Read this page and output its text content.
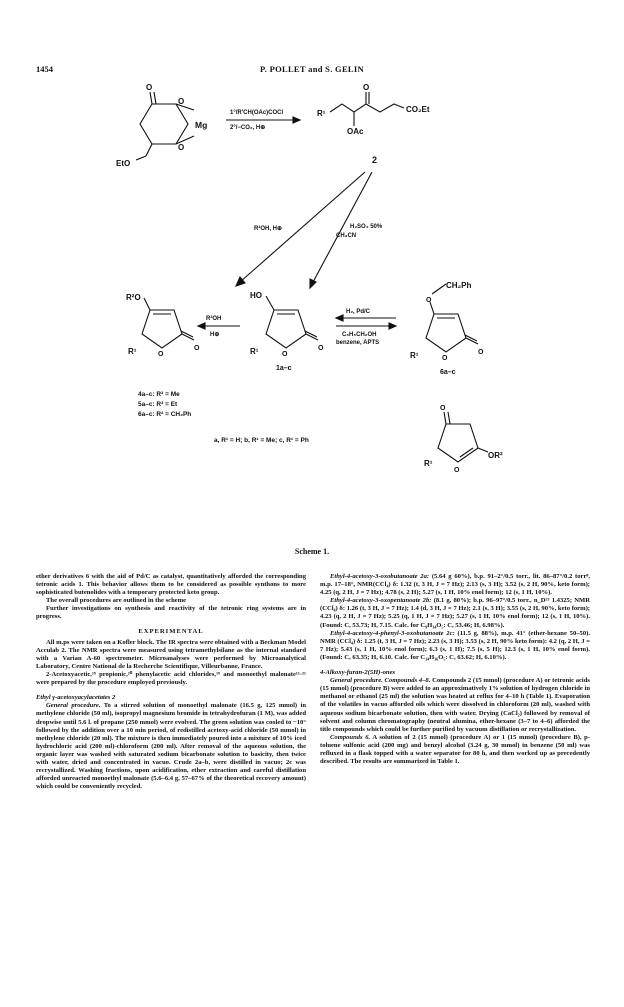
1454	P. POLLET and S. GELIN
O
O
O
Mg
EtO
1°/R'CH(OAc)COCl
2°/−CO₂, H⊕
R¹
O
CO₂Et
OAc
2
R²OH, H⊕	H₂SO₄ 50%
CH₃CN
HO
R¹	O
O
1a–c
R²O
R¹	O
O
R²OH
H⊕
H₂, Pd/C
C₆H₅CH₂OH
benzene, APTS
O
CH₂Ph
R¹	O
O
6a–c
4a–c: R² = Me
5a–c: R² = Et
6a–c: R² = CH₂Ph
a, R¹ = H; b, R¹ = Me; c, R¹ = Ph
O
R¹
O
OR²
Scheme 1.

ether derivatives 6 with the aid of Pd/C as catalyst, quantitatively afforded the corresponding tetronic acids 1. This behavior allows them to be considered as possible synthons to more sophisticated butenolides with a temporary protected keto group.

The overall procedures are outlined in the scheme

Further investigations on synthesis and reactivity of the tetronic ring systems are in progress.

EXPERIMENTAL

All m.ps were taken on a Kofler block. The IR spectra were obtained with a Beckman Model Acculab 2. The NMR spectra were measured using tetramethylsilane as the internal standard with a Varian A-60 spectrometer. Microanalyses were performed by Microanalytical Laboratory, Centre National de la Recherche Scientifique, Villeurbanne, France.

2-Acetoxyacetic,¹⁹ propionic,²⁰ phenylacetic acid chlorides,¹⁹ and monoethyl malonate¹¹·²¹ were prepared by the procedure employed previously.

Ethyl γ-acetoxyacylacetates 2

General procedure. To a stirred solution of monoethyl malonate (16.5 g, 125 mmol) in methylene chloride (50 ml), isopropyl magnesium bromide in tetrahydrofuran (1 M), was added dropwise until 5.6 l. of propane (250 mmol) were evolved. The green solution was cooled to −10° followed by the addition over a 10 min period, of redistilled acetoxy-acid chloride (50 mmol) in methylene chloride (20 ml). The mixture is then immediately poured into a mixture of 10% iced hydrochloric acid (200 ml)-chloroform (200 ml). After removal of the aqueous solution, the organic layer was washed with saturated sodium bicarbonate solution to basicity, then twice with water, dried and concentrated in vacuo. Crude 2a–b, were distilled in vacuo; 2c was recrystallized. Washing fractions, upon acidification, ether extraction and careful distillation afforded unreacted monoethyl malonate (5.6–6.4 g, 57–67% of the theoretical recovery amount) which could be conveniently recycled.

Ethyl-4-acetoxy-3-oxobutanoate 2a: (5.64 g 60%), b.p. 91–2°/0.5 torr., lit. 86–87°/0.2 torr⁸, m.p. 17–18°, NMR(CCl₄) δ: 1.32 (t, 3 H, J = 7 Hz); 2.13 (s, 3 H); 3.52 (s, 2 H, 90%, keto form); 4.25 (q, 2 H, J = 7 Hz); 4.78 (s, 2 H); 5.27 (s, 1 H, 10% enol form); 12 (s, 1 H, 10%).

Ethyl-4-acetoxy-3-oxopentanoate 2b: (8.1 g, 80%); b.p. 96–97°/0.5 torr., n_D²³ 1.4325; NMR (CCl₄) δ: 1.26 (t, 3 H, J = 7 Hz); 1.4 (d, 3 H, J = 7 Hz); 2.1 (s, 3 H); 3.55 (s, 2 H, 90%, keto form); 4.23 (q, 2 H, J = 7 Hz); 5.25 (q, 1 H, J = 7 Hz); 5.27 (s, 1 H, 10% enol form); 12 (s, 1 H, 10%). (Found: C, 53.73; H, 7.15. Calc. for C₉H₁₄O₅: C, 53.46; H, 6.98%).

Ethyl-4-acetoxy-4-phenyl-3-oxobutanoate 2c: (11.5 g, 88%), m.p. 41° (ether-hexane 50–50). NMR (CCl₄) δ: 1.25 (t, 3 H, J = 7 Hz); 2.23 (s, 3 H); 3.53 (s, 2 H, 90% keto form): 4.2 (q, 2 H, J = 7 Hz); 5.43 (s, 1 H, 10% enol form); 6.3 (s, 1 H); 7.5 (s, 5 H); 12.3 (s, 1 H, 10% enol form). (Found: C, 63.35; H, 6.10. Calc. for C₁₄H₁₆O₅: C, 63.62; H, 6.10%).

4-Alkoxy-furan-2(5H)-ones

General procedure. Compounds 4–8. Compounds 2 (15 mmol) (procedure A) or tetronic acids (15 mmol) (procedure B) were added to an approximatively 1% solution of hydrogen chloride in methanol or ethanol (25 ml) the solution was heated at reflux for 4–10 h (Table 1). Evaporation of the volatiles in vacuo afforded oils which were dissolved in chloroform (20 ml), washed with aqueous sodium bicarbonate solution, then with water. Drying (CaCl₂) followed by removal of solvent and column chromatography (neutral alumina, ether-hexane (3–7 to 4–6) afforded the title compounds which could be further purified by vacuum distillation or recrystallization.

Compounds 6. A solution of 2 (15 mmol) (procedure A) or 1 (15 mmol) (procedure B), p-toluene sulfonic acid (200 mg) and benzyl alcohol (3.24 g, 30 mmol) in benzene (50 ml) was refluxed in a flask topped with a water separator for 80 h, and then worked up as precedently described. The results are summarized in Table 1.
